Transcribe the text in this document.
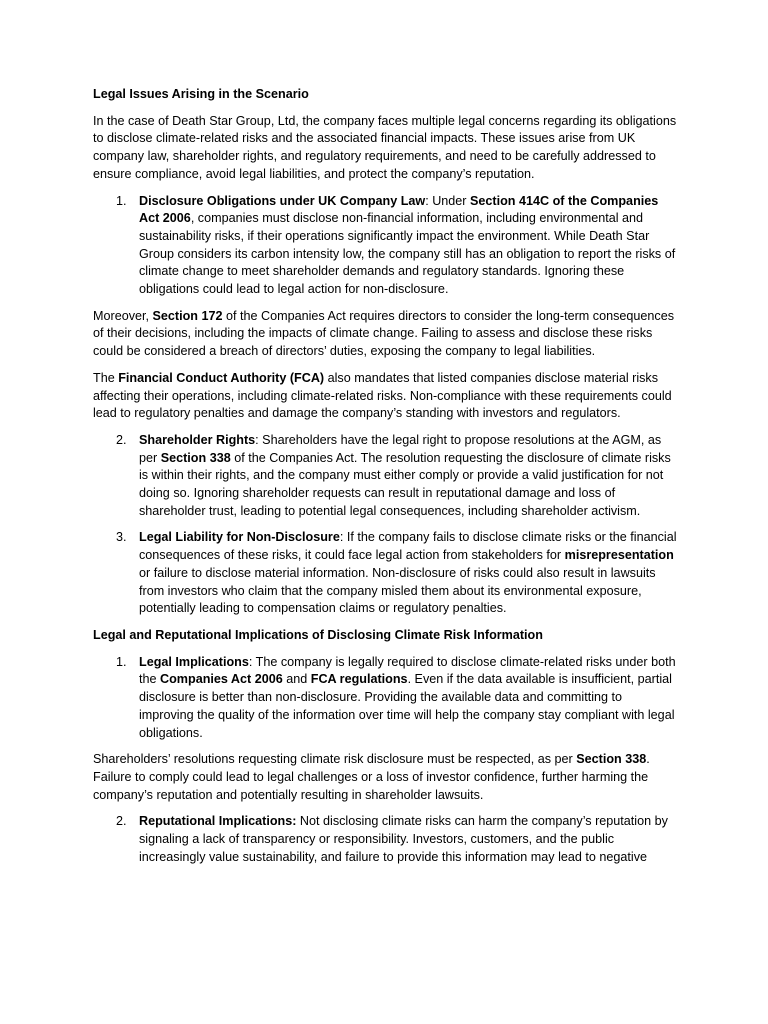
Legal Issues Arising in the Scenario

In the case of Death Star Group, Ltd, the company faces multiple legal concerns regarding its obligations to disclose climate-related risks and the associated financial impacts. These issues arise from UK company law, shareholder rights, and regulatory requirements, and need to be carefully addressed to ensure compliance, avoid legal liabilities, and protect the company’s reputation.

1. Disclosure Obligations under UK Company Law: Under Section 414C of the Companies Act 2006, companies must disclose non-financial information, including environmental and sustainability risks, if their operations significantly impact the environment. While Death Star Group considers its carbon intensity low, the company still has an obligation to report the risks of climate change to meet shareholder demands and regulatory standards. Ignoring these obligations could lead to legal action for non-disclosure.

Moreover, Section 172 of the Companies Act requires directors to consider the long-term consequences of their decisions, including the impacts of climate change. Failing to assess and disclose these risks could be considered a breach of directors’ duties, exposing the company to legal liabilities.

The Financial Conduct Authority (FCA) also mandates that listed companies disclose material risks affecting their operations, including climate-related risks. Non-compliance with these requirements could lead to regulatory penalties and damage the company’s standing with investors and regulators.

2. Shareholder Rights: Shareholders have the legal right to propose resolutions at the AGM, as per Section 338 of the Companies Act. The resolution requesting the disclosure of climate risks is within their rights, and the company must either comply or provide a valid justification for not doing so. Ignoring shareholder requests can result in reputational damage and loss of shareholder trust, leading to potential legal consequences, including shareholder activism.
3. Legal Liability for Non-Disclosure: If the company fails to disclose climate risks or the financial consequences of these risks, it could face legal action from stakeholders for misrepresentation or failure to disclose material information. Non-disclosure of risks could also result in lawsuits from investors who claim that the company misled them about its environmental exposure, potentially leading to compensation claims or regulatory penalties.

Legal and Reputational Implications of Disclosing Climate Risk Information

1. Legal Implications: The company is legally required to disclose climate-related risks under both the Companies Act 2006 and FCA regulations. Even if the data available is insufficient, partial disclosure is better than non-disclosure. Providing the available data and committing to improving the quality of the information over time will help the company stay compliant with legal obligations.

Shareholders’ resolutions requesting climate risk disclosure must be respected, as per Section 338. Failure to comply could lead to legal challenges or a loss of investor confidence, further harming the company’s reputation and potentially resulting in shareholder lawsuits.

2. Reputational Implications: Not disclosing climate risks can harm the company’s reputation by signaling a lack of transparency or responsibility. Investors, customers, and the public increasingly value sustainability, and failure to provide this information may lead to negative
